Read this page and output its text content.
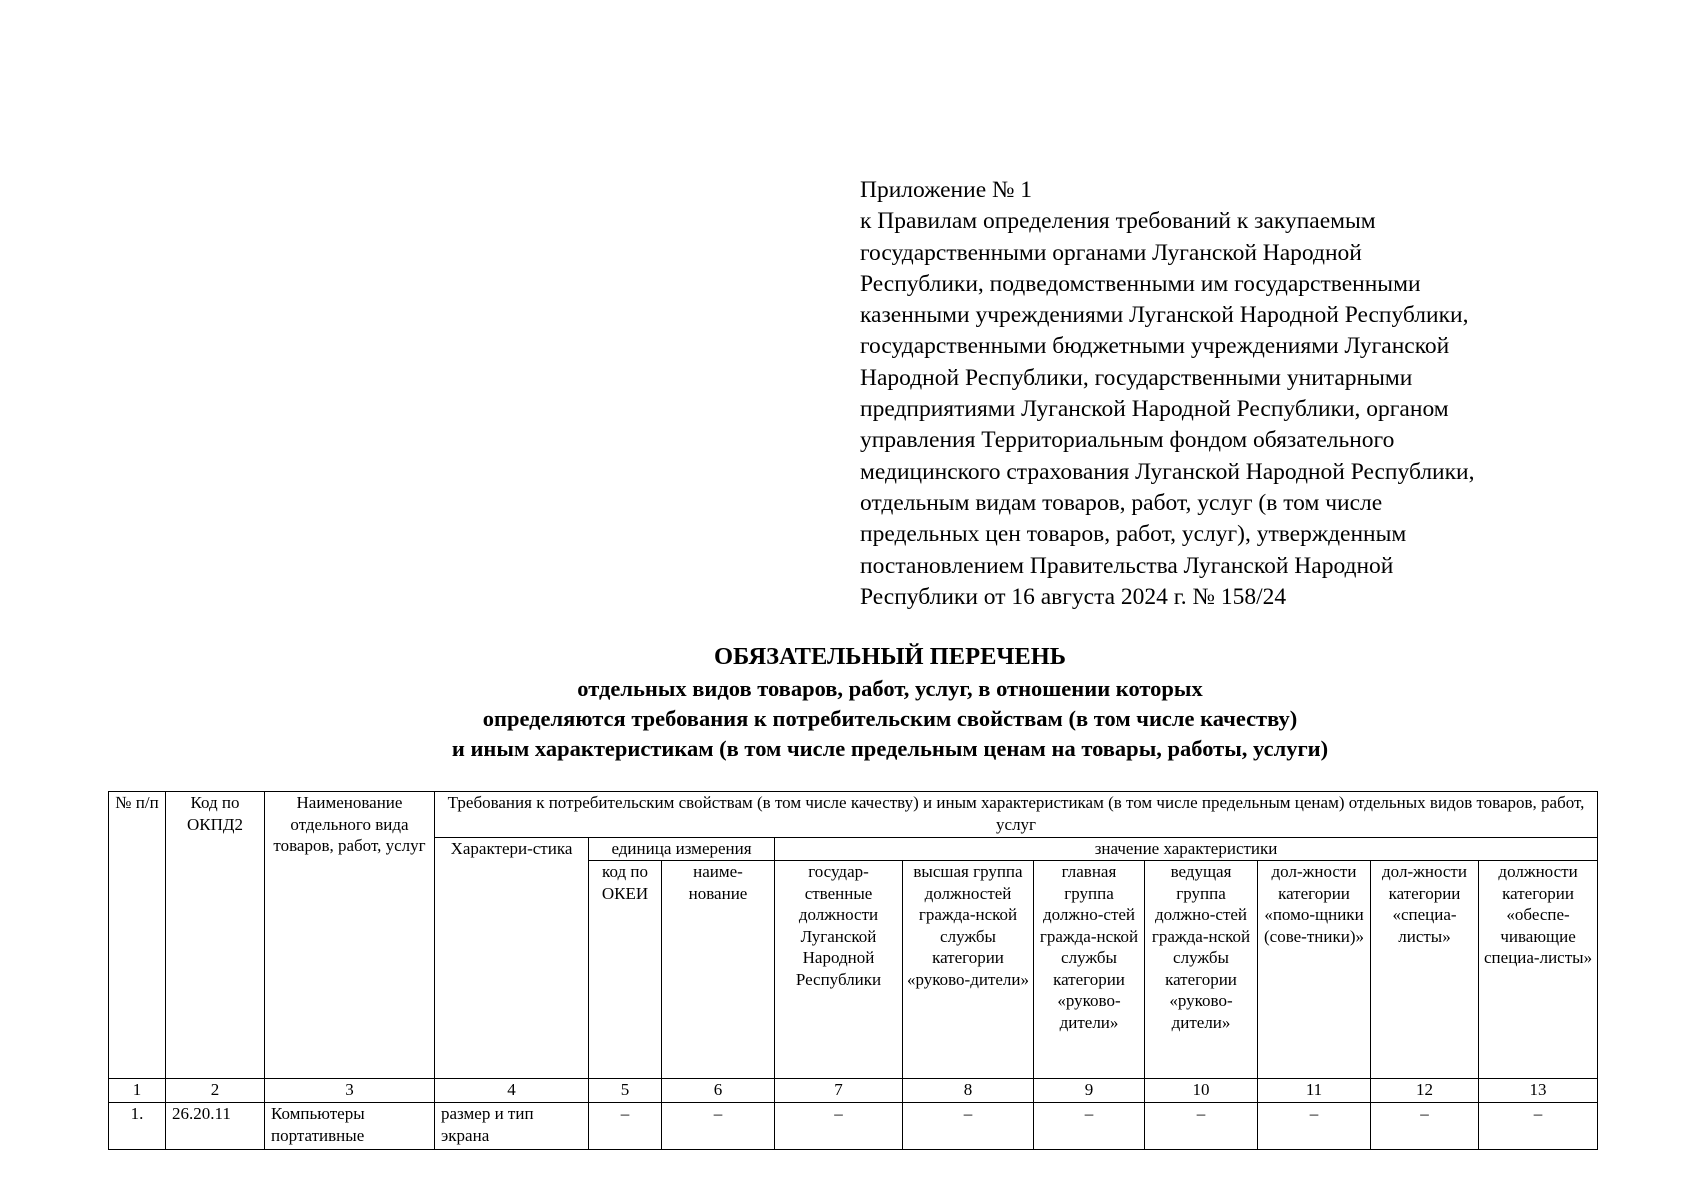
Приложение № 1
к Правилам определения требований к закупаемым
государственными органами Луганской Народной
Республики, подведомственными им государственными
казенными учреждениями Луганской Народной Республики,
государственными бюджетными учреждениями Луганской
Народной Республики, государственными унитарными
предприятиями Луганской Народной Республики, органом
управления Территориальным фондом обязательного
медицинского страхования Луганской Народной Республики,
отдельным видам товаров, работ, услуг (в том числе
предельных цен товаров, работ, услуг), утвержденным
постановлением Правительства Луганской Народной
Республики от 16 августа 2024 г. № 158/24
ОБЯЗАТЕЛЬНЫЙ ПЕРЕЧЕНЬ
отдельных видов товаров, работ, услуг, в отношении которых
определяются требования к потребительским свойствам (в том числе качеству)
и иным характеристикам (в том числе предельным ценам на товары, работы, услуги)
№ п/п	Код по ОКПД2	Наименование отдельного вида товаров, работ, услуг	Требования к потребительским свойствам (в том числе качеству) и иным характеристикам (в том числе предельным ценам) отдельных видов товаров, работ, услуг									
			Характери-стика	единица измерения		значение характеристики						
				код по ОКЕИ	наиме-нование	государ-ственные должности Луганской Народной Республики	высшая группа должностей гражда-нской службы категории «руково-дители»	главная группа должно-стей гражда-нской службы категории «руково-дители»	ведущая группа должно-стей гражда-нской службы категории «руково-дители»	дол-жности категории «помо-щники (сове-тники)»	дол-жности категории «специа-листы»	должности категории «обеспе-чивающие специа-листы»
1	2	3	4	5	6	7	8	9	10	11	12	13
1.	26.20.11	Компьютеры портативные	размер и тип экрана	–	–	–	–	–	–	–	–	–
